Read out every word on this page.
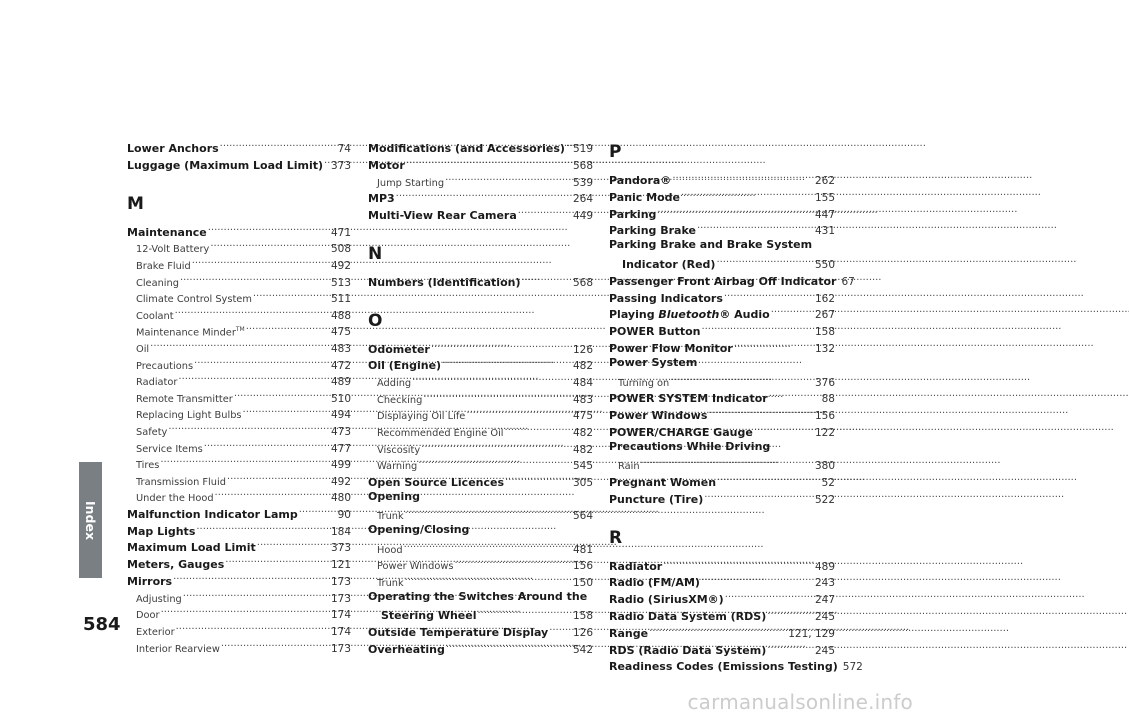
Index
584
carmanualsonline.info
Lower Anchors . . .	74
Luggage (Maximum Load Limit) . . . 373
M
Maintenance . . .	471
12-Volt Battery . . .	508
Brake Fluid . . .	492
Cleaning . . .	513
Climate Control System . . .	511
Coolant . . .	488
Maintenance Minder™ . . .	475
Oil . . .	483
Precautions . . .	472
Radiator . . .	489
Remote Transmitter . . .	510
Replacing Light Bulbs . . .	494
Safety . . .	473
Service Items . . .	477
Tires . . .	499
Transmission Fluid . . .	492
Under the Hood . . .	480
Malfunction Indicator Lamp . . .	90
Map Lights . . .	184
Maximum Load Limit . . .	373
Meters, Gauges . . .	121
Mirrors . . .	173
Adjusting . . .	173
Door . . .	174
Exterior . . .	174
Interior Rearview . . .	173
Modifications (and Accessories) . . . 519
Motor . . .	568
Jump Starting . . .	539
MP3 . . .	264
Multi-View Rear Camera . . .	449
N
Numbers (Identification) . . .	568
O
Odometer . . .	126
Oil (Engine) . . .	482
Adding . . .	484
Checking . . .	483
Displaying Oil Life . . .	475
Recommended Engine Oil . . .	482
Viscosity . . .	482
Warning . . .	545
Open Source Licences . . .	305
Opening
Trunk . . .	564
Opening/Closing
Hood . . .	481
Power Windows . . .	156
Trunk . . .	150
Operating the Switches Around the
Steering Wheel . . .	158
Outside Temperature Display . . . 126
Overheating . . .	542
P
Pandora® . . .	262
Panic Mode . . .	155
Parking . . .	447
Parking Brake . . .	431
Parking Brake and Brake System
Indicator (Red) . . .	550
Passenger Front Airbag Off Indicator 67
Passing Indicators . . .	162
Playing Bluetooth® Audio . . .	267
POWER Button . . .	158
Power Flow Monitor . . .	132
Power System
Turning on . . .	376
POWER SYSTEM Indicator . . .	88
Power Windows . . .	156
POWER/CHARGE Gauge . . .	122
Precautions While Driving
Rain . . .	380
Pregnant Women . . .	52
Puncture (Tire) . . .	522
R
Radiator . . .	489
Radio (FM/AM) . . .	243
Radio (SiriusXM®) . . .	247
Radio Data System (RDS) . . .	245
Range . . .	121, 129
RDS (Radio Data System) . . .	245
Readiness Codes (Emissions Testing) 572
